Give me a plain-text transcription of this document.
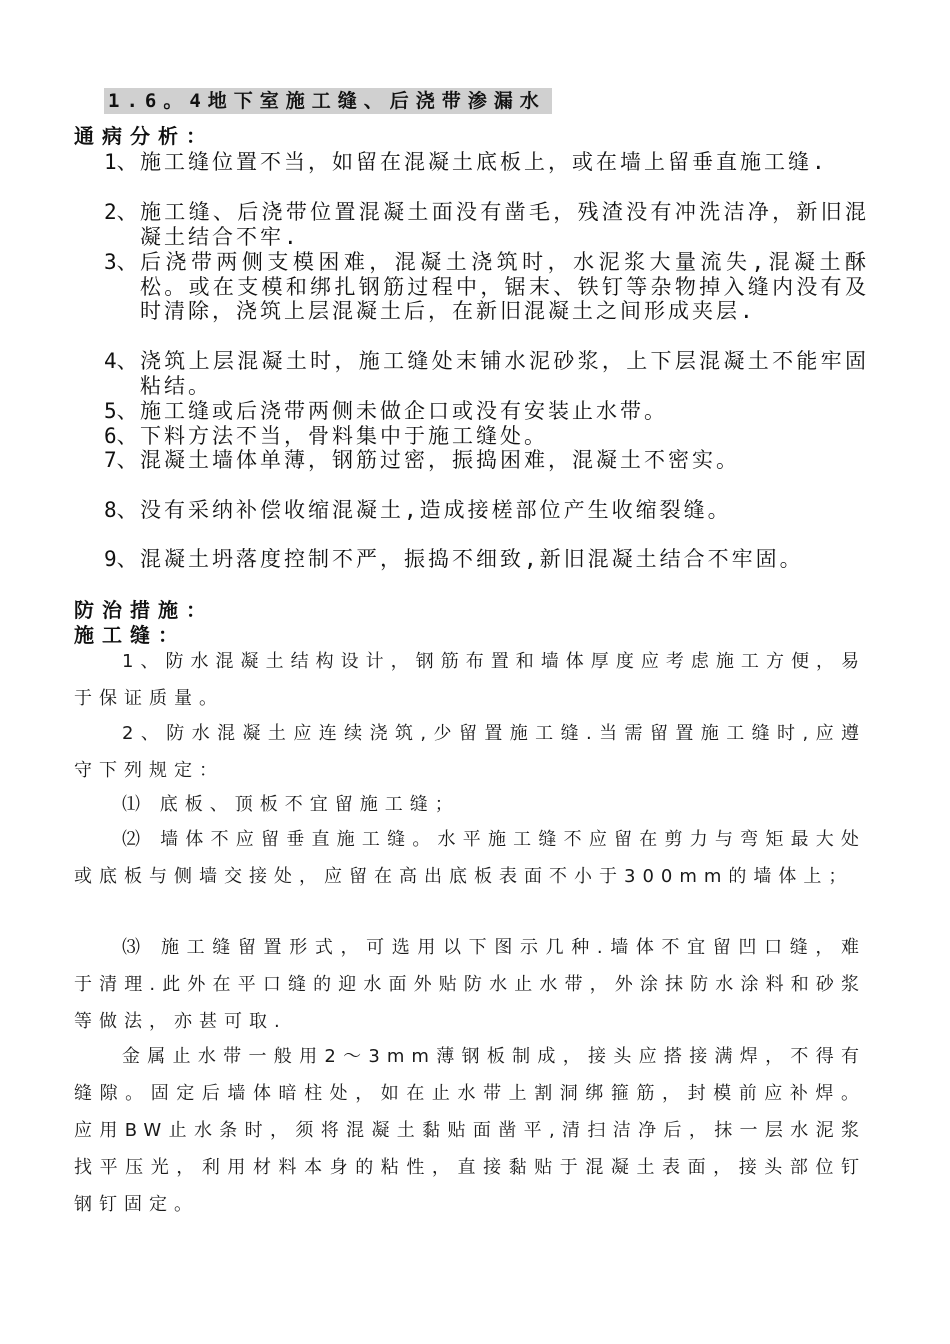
1.6。4地下室施工缝、后浇带渗漏水
通病分析：
1、 施工缝位置不当，如留在混凝土底板上，或在墙上留垂直施工缝.
2、 施工缝、后浇带位置混凝土面没有凿毛，残渣没有冲洗洁净，新旧混凝土结合不牢.
3、 后浇带两侧支模困难，混凝土浇筑时，水泥浆大量流失,混凝土酥松。或在支模和绑扎钢筋过程中，锯末、铁钉等杂物掉入缝内没有及时清除，浇筑上层混凝土后，在新旧混凝土之间形成夹层.
4、 浇筑上层混凝土时，施工缝处末铺水泥砂浆，上下层混凝土不能牢固粘结。
5、 施工缝或后浇带两侧未做企口或没有安装止水带。
6、 下料方法不当，骨料集中于施工缝处。
7、 混凝土墙体单薄，钢筋过密，振捣困难，混凝土不密实。
8、 没有采纳补偿收缩混凝土,造成接槎部位产生收缩裂缝。
9、 混凝土坍落度控制不严，振捣不细致,新旧混凝土结合不牢固。
防治措施：
施工缝：
1、防水混凝土结构设计，钢筋布置和墙体厚度应考虑施工方便，易于保证质量。
2、防水混凝土应连续浇筑,少留置施工缝.当需留置施工缝时,应遵守下列规定：
⑴ 底板、顶板不宜留施工缝；
⑵ 墙体不应留垂直施工缝。水平施工缝不应留在剪力与弯矩最大处或底板与侧墙交接处，应留在高出底板表面不小于300mm的墙体上；
⑶ 施工缝留置形式，可选用以下图示几种.墙体不宜留凹口缝，难于清理.此外在平口缝的迎水面外贴防水止水带，外涂抹防水涂料和砂浆等做法，亦甚可取.
金属止水带一般用2～3mm薄钢板制成，接头应搭接满焊，不得有缝隙。固定后墙体暗柱处，如在止水带上割洞绑箍筋，封模前应补焊。应用BW止水条时，须将混凝土黏贴面凿平,清扫洁净后，抹一层水泥浆找平压光，利用材料本身的粘性，直接黏贴于混凝土表面，接头部位钉钢钉固定。
